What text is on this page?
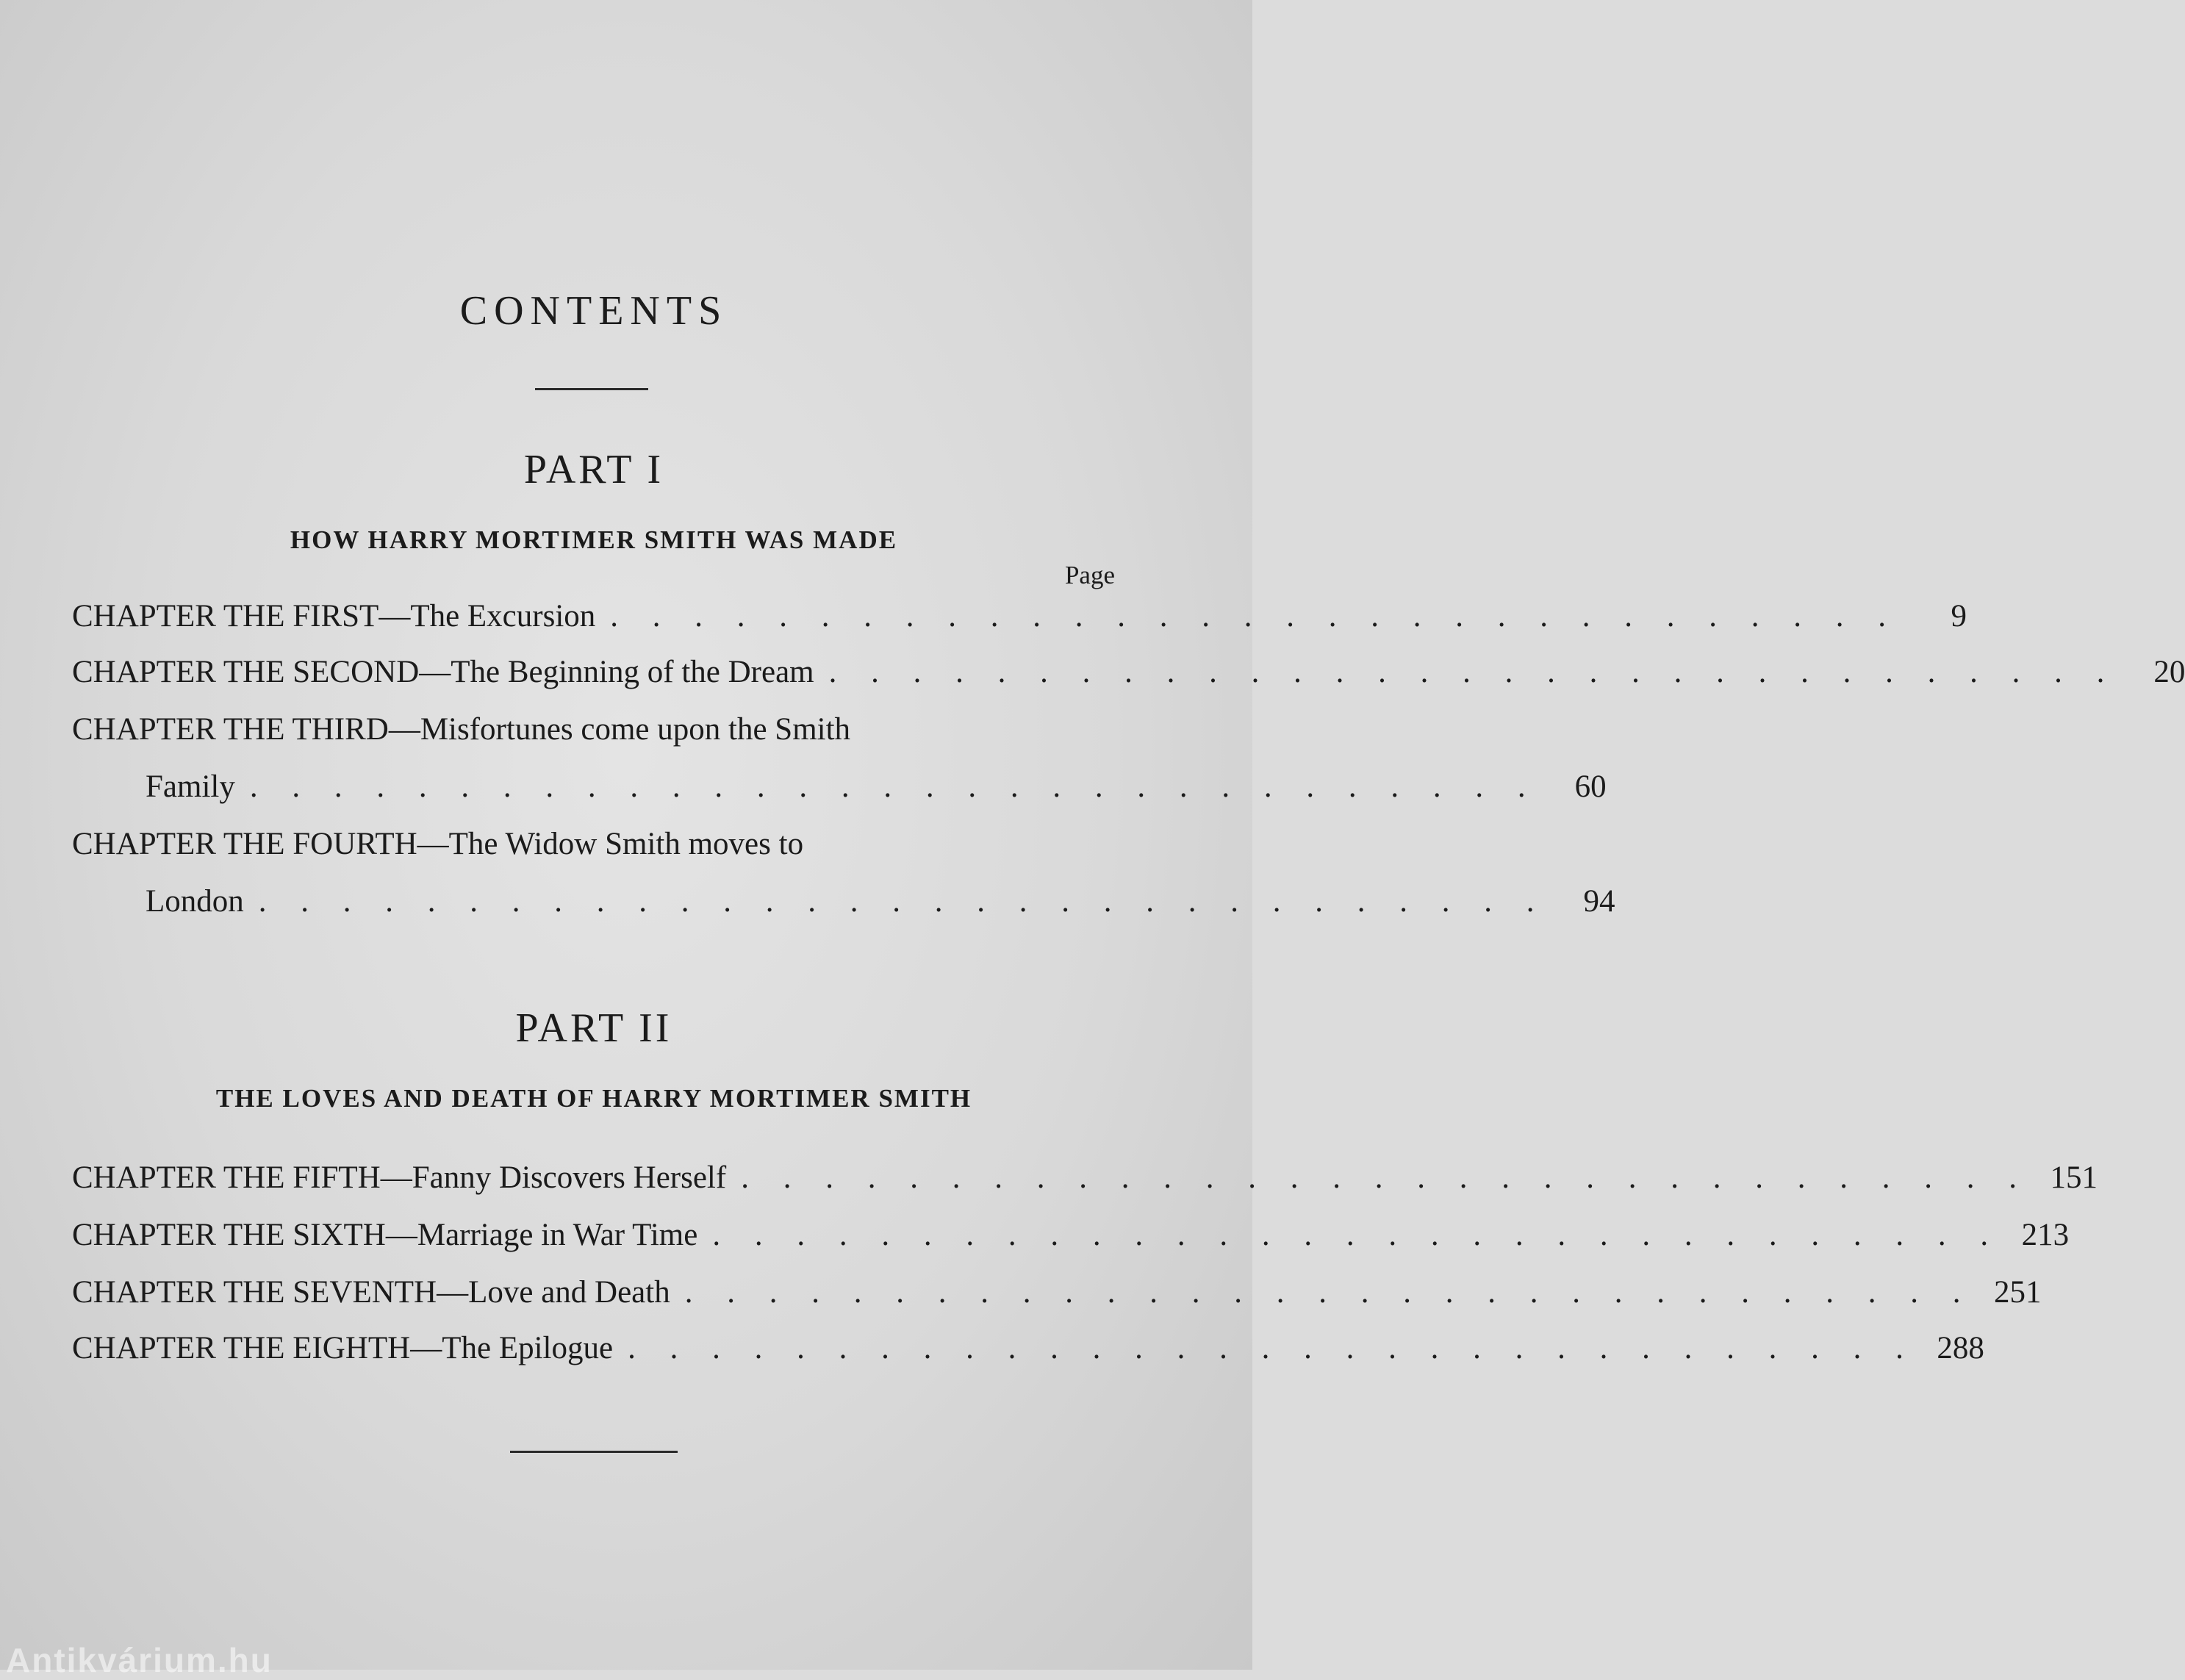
CONTENTS
PART I
HOW HARRY MORTIMER SMITH WAS MADE
Page
CHAPTER THE FIRST—The Excursion . . . . . . . . . . . . . . . . . . . . . . . . . . . . . . .	9
CHAPTER THE SECOND—The Beginning of the Dream . . . . . . . . . . . . . . . . . . . . . . . . . . . . . . .	20
CHAPTER THE THIRD—Misfortunes come upon the Smith
Family . . . . . . . . . . . . . . . . . . . . . . . . . . . . . . .	60
CHAPTER THE FOURTH—The Widow Smith moves to
London . . . . . . . . . . . . . . . . . . . . . . . . . . . . . . .	94
PART II
THE LOVES AND DEATH OF HARRY MORTIMER SMITH
CHAPTER THE FIFTH—Fanny Discovers Herself . . . . . . . . . . . . . . . . . . . . . . . . . . . . . . . 151
CHAPTER THE SIXTH—Marriage in War Time . . . . . . . . . . . . . . . . . . . . . . . . . . . . . . . 213
CHAPTER THE SEVENTH—Love and Death . . . . . . . . . . . . . . . . . . . . . . . . . . . . . . . 251
CHAPTER THE EIGHTH—The Epilogue . . . . . . . . . . . . . . . . . . . . . . . . . . . . . . . 288
Antikvárium.hu
